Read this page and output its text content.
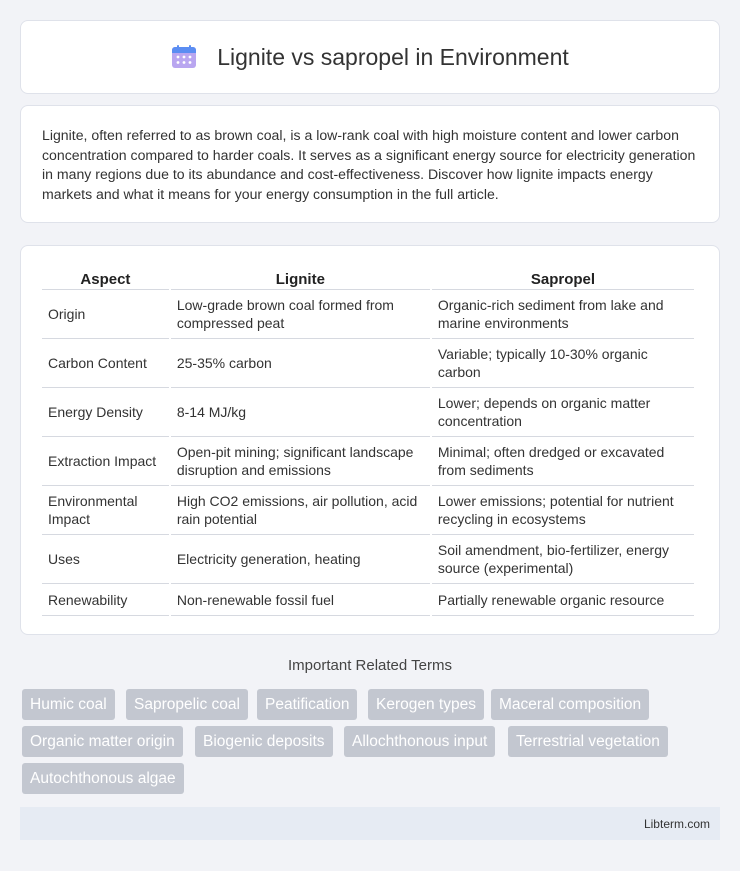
Lignite vs sapropel in Environment

Lignite, often referred to as brown coal, is a low-rank coal with high moisture content and lower carbon concentration compared to harder coals. It serves as a significant energy source for electricity generation in many regions due to its abundance and cost-effectiveness. Discover how lignite impacts energy markets and what it means for your energy consumption in the full article.

Aspect	Lignite	Sapropel
Origin	Low-grade brown coal formed from compressed peat	Organic-rich sediment from lake and marine environments
Carbon Content	25-35% carbon	Variable; typically 10-30% organic carbon
Energy Density	8-14 MJ/kg	Lower; depends on organic matter concentration
Extraction Impact	Open-pit mining; significant landscape disruption and emissions	Minimal; often dredged or excavated from sediments
Environmental Impact	High CO2 emissions, air pollution, acid rain potential	Lower emissions; potential for nutrient recycling in ecosystems
Uses	Electricity generation, heating	Soil amendment, bio-fertilizer, energy source (experimental)
Renewability	Non-renewable fossil fuel	Partially renewable organic resource
Important Related Terms
Humic coal	Sapropelic coal	Peatification	Kerogen types	Maceral composition
Organic matter origin	Biogenic deposits	Allochthonous input	Terrestrial vegetation
Autochthonous algae
Libterm.com
